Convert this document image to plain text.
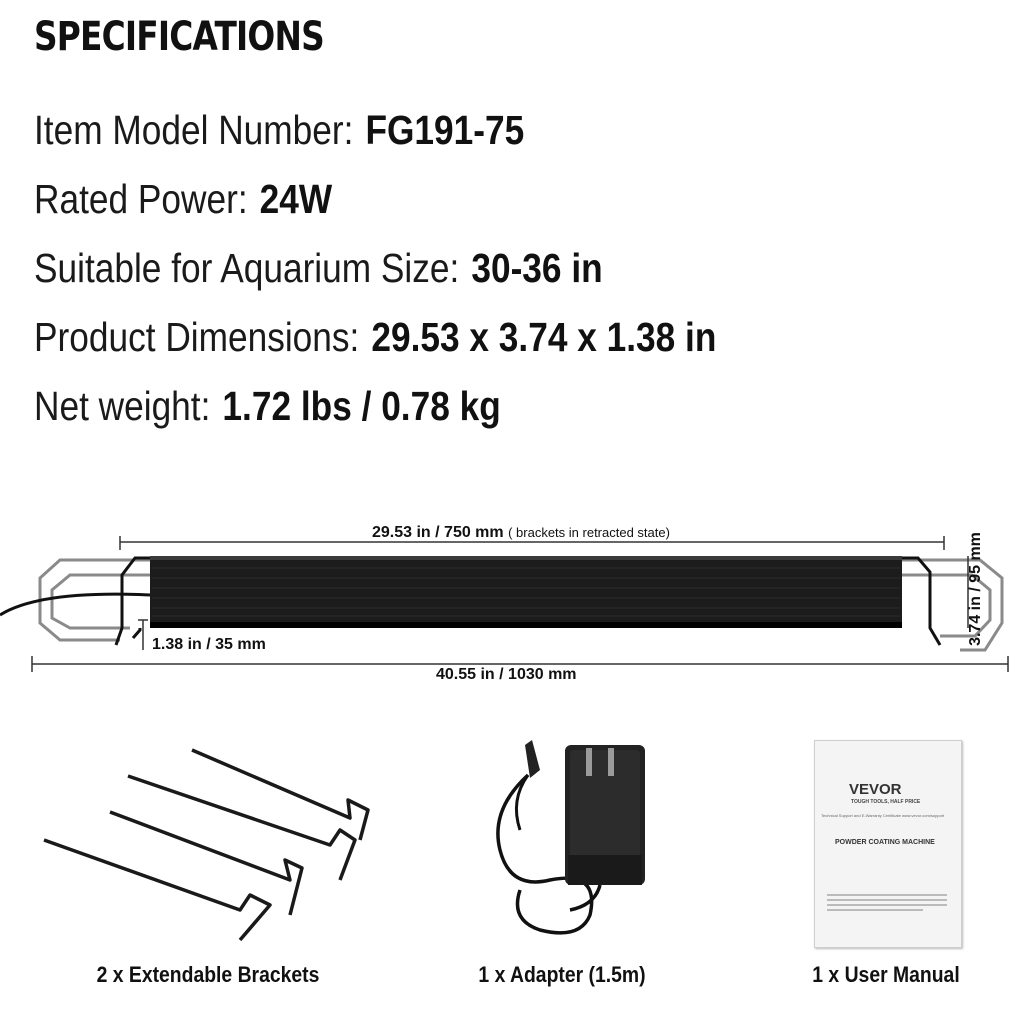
SPECIFICATIONS
Item Model Number: FG191-75
Rated Power: 24W
Suitable for Aquarium Size: 30-36 in
Product Dimensions: 29.53 x 3.74 x 1.38 in
Net weight: 1.72 lbs / 0.78 kg
29.53 in / 750 mm ( brackets in retracted state)
1.38 in / 35 mm
40.55 in / 1030 mm
3.74 in / 95 mm
VEVOR
TOUGH TOOLS, HALF PRICE
Technical Support and E-Warranty Certificate www.vevor.com/support
POWDER COATING MACHINE
2 x Extendable Brackets	1 x Adapter (1.5m)	1 x User Manual
